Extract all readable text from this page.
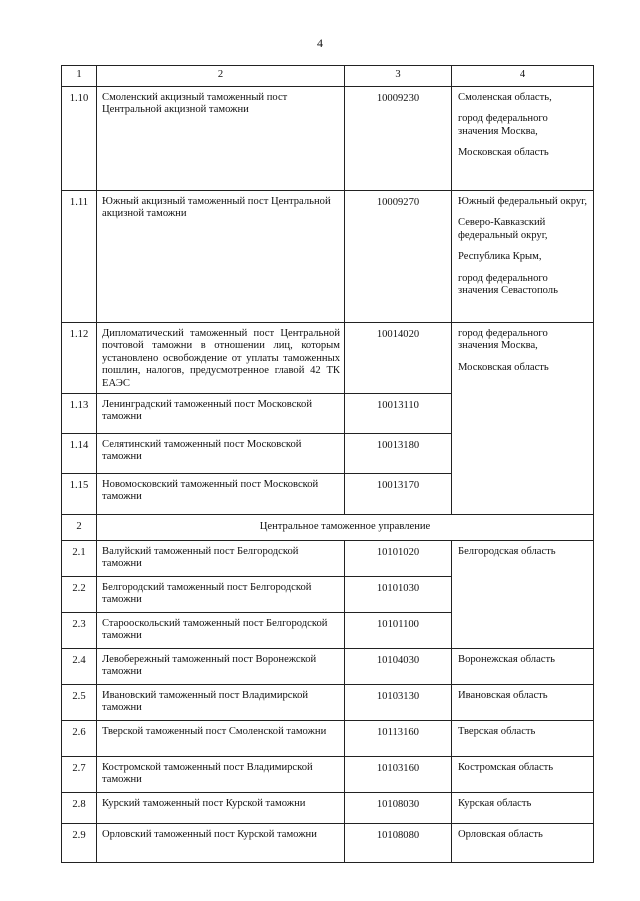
4
1	2	3	4
1.10	Смоленский акцизный таможенный пост Центральной акцизной таможни	10009230	Смоленская область,
город федерального значения Москва,
Московская область

1.11	Южный акцизный таможенный пост Центральной акцизной таможни	10009270	Южный федеральный округ,
Северо-Кавказский федеральный округ,
Республика Крым,
город федерального значения Севастополь

1.12	Дипломатический таможенный пост Центральной почтовой таможни в отношении лиц, которым установлено освобождение от уплаты таможенных пошлин, налогов, предусмотренное главой 42 ТК ЕАЭС	10014020	город федерального значения Москва,
Московская область

1.13	Ленинградский таможенный пост Московской таможни	10013110	
1.14	Селятинский таможенный пост Московской таможни	10013180	
1.15	Новомосковский таможенный пост Московской таможни	10013170	
2	Центральное таможенное управление		
2.1	Валуйский таможенный пост Белгородской таможни	10101020	Белгородская область

2.2	Белгородский таможенный пост Белгородской таможни	10101030	
2.3	Старооскольский таможенный пост Белгородской таможни	10101100	
2.4	Левобережный таможенный пост Воронежской таможни	10104030	Воронежская область

2.5	Ивановский таможенный пост Владимирской таможни	10103130	Ивановская область

2.6	Тверской таможенный пост Смоленской таможни	10113160	Тверская область

2.7	Костромской таможенный пост Владимирской таможни	10103160	Костромская область

2.8	Курский таможенный пост Курской таможни	10108030	Курская область

2.9	Орловский таможенный пост Курской таможни	10108080	Орловская область
